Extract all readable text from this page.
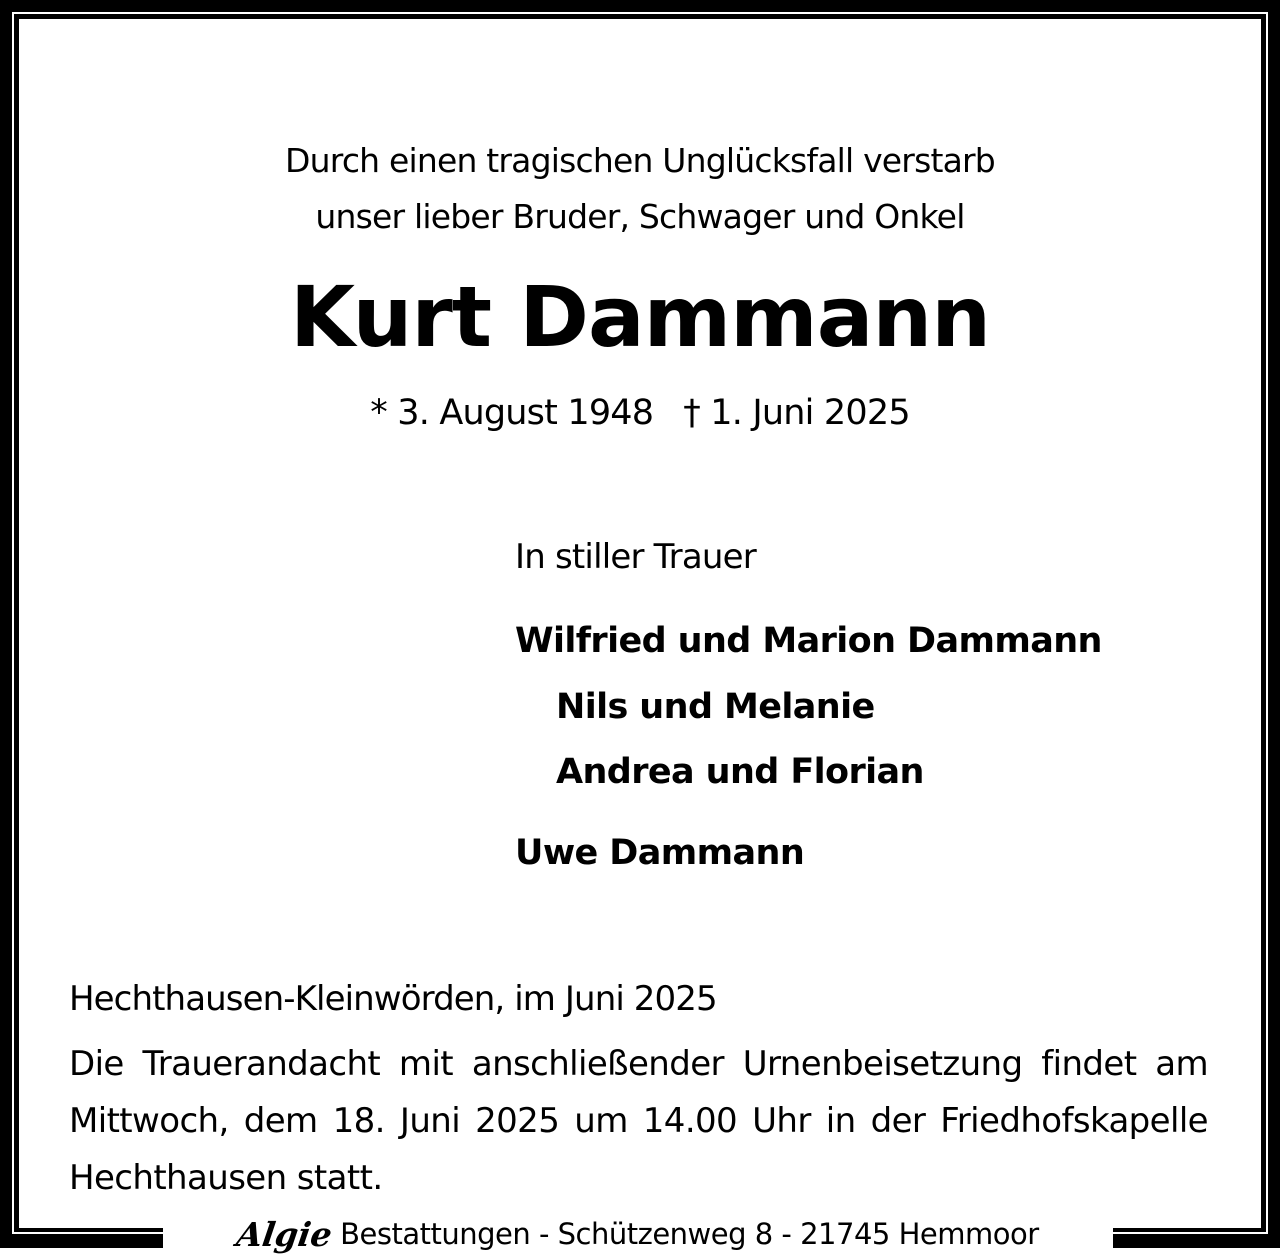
Durch einen tragischen Unglücksfall verstarb
unser lieber Bruder, Schwager und Onkel
Kurt Dammann
* 3. August 1948 † 1. Juni 2025
In stiller Trauer
Wilfried und Marion Dammann
Nils und Melanie
Andrea und Florian
Uwe Dammann
Hechthausen-Kleinwörden, im Juni 2025
Die Trauerandacht mit anschließender Urnenbeisetzung findet am Mittwoch, dem 18. Juni 2025 um 14.00 Uhr in der Friedhofskapelle Hechthausen statt.
Algie Bestattungen - Schützenweg 8 - 21745 Hemmoor
